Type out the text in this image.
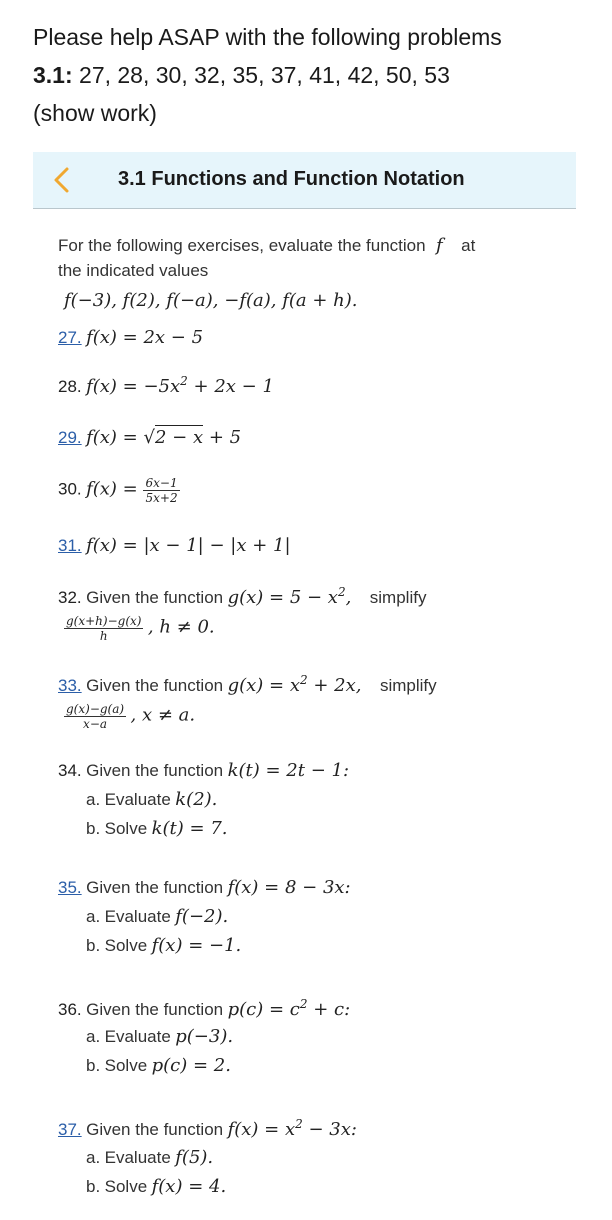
Please help ASAP with the following problems
3.1: 27, 28, 30, 32, 35, 37, 41, 42, 50, 53
(show work)
3.1 Functions and Function Notation
For the following exercises, evaluate the function f at
the indicated values
f(−3), f(2), f(−a), −f(a), f(a + h).
27. f(x) = 2x − 5
28. $f(x) = -5x^2 + 2x - 1$
29. f(x) = √2 − x + 5
30. $f(x) = \frac{6x-1}{5x+2}$
31. f(x) = |x − 1| − |x + 1|
32. Given the function $g(x) = 5 - x^2$, simplify
$\frac{g(x+h)-g(x)}{h}$ , h ≠ 0.
33. Given the function $g(x) = x^2 + 2x$, simplify
$\frac{g(x)-g(a)}{x-a}$ , x ≠ a.
34. Given the function k(t) = 2t − 1:
a. Evaluate k(2).
b. Solve k(t) = 7.
35. Given the function f(x) = 8 − 3x:
a. Evaluate f(−2).
b. Solve f(x) = −1.
36. Given the function $p(c) = c^2 + c$:
a. Evaluate p(−3).
b. Solve p(c) = 2.
37. Given the function $f(x) = x^2 - 3x$:
a. Evaluate f(5).
b. Solve f(x) = 4.
